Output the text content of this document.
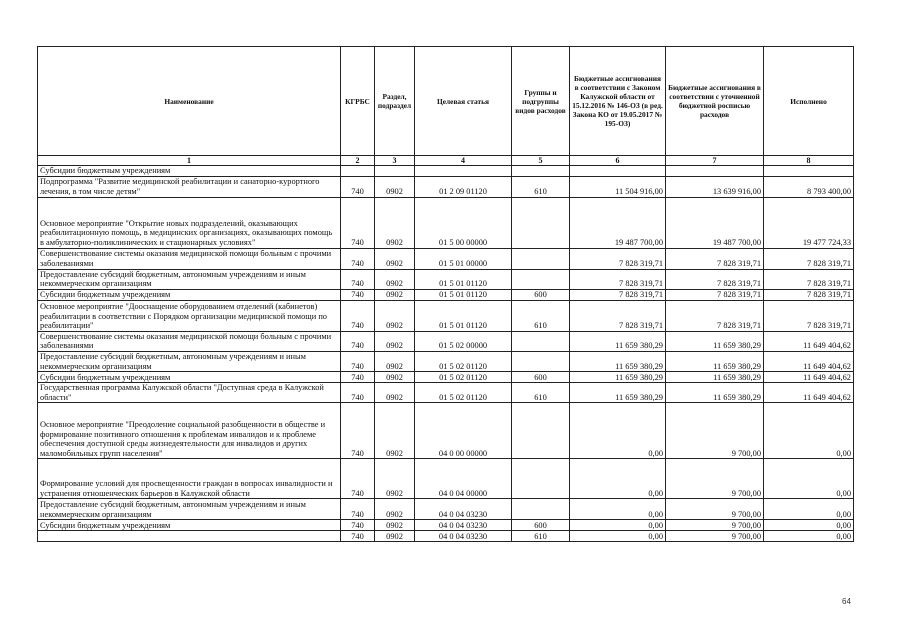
Наименование	КГРБС	Раздел, подраздел	Целевая статья	Группы и подгруппы видов расходов	Бюджетные ассигнования в соответствии с Законом Калужской области от 15.12.2016 № 146-ОЗ (в ред. Закона КО от 19.05.2017 № 195-ОЗ)	Бюджетные ассигнования в соответствии с уточненной бюджетной росписью расходов	Исполнено
1	2	3	4	5	6	7	8
Субсидии бюджетным учреждениям							
Подпрограмма "Развитие медицинской реабилитации и санаторно-курортного лечения, в том числе детям"	740	0902	01 2 09 01120	610	11 504 916,00	13 639 916,00	8 793 400,00
Основное мероприятие "Открытие новых подразделений, оказывающих реабилитационную помощь, в медицинских организациях, оказывающих помощь в амбулаторно-поликлинических и стационарных условиях"	740	0902	01 5 00 00000		19 487 700,00	19 487 700,00	19 477 724,33
Совершенствование системы оказания медицинской помощи больным с прочими заболеваниями	740	0902	01 5 01 00000		7 828 319,71	7 828 319,71	7 828 319,71
Предоставление субсидий бюджетным, автономным учреждениям и иным некоммерческим организациям	740	0902	01 5 01 01120		7 828 319,71	7 828 319,71	7 828 319,71
Субсидии бюджетным учреждениям	740	0902	01 5 01 01120	600	7 828 319,71	7 828 319,71	7 828 319,71
Основное мероприятие "Дооснащение оборудованием отделений (кабинетов) реабилитации в соответствии с Порядком организации медицинской помощи по реабилитации"	740	0902	01 5 01 01120	610	7 828 319,71	7 828 319,71	7 828 319,71
Совершенствование системы оказания медицинской помощи больным с прочими заболеваниями	740	0902	01 5 02 00000		11 659 380,29	11 659 380,29	11 649 404,62
Предоставление субсидий бюджетным, автономным учреждениям и иным некоммерческим организациям	740	0902	01 5 02 01120		11 659 380,29	11 659 380,29	11 649 404,62
Субсидии бюджетным учреждениям	740	0902	01 5 02 01120	600	11 659 380,29	11 659 380,29	11 649 404,62
Государственная программа Калужской области "Доступная среда в Калужской области"	740	0902	01 5 02 01120	610	11 659 380,29	11 659 380,29	11 649 404,62
Основное мероприятие "Преодоление социальной разобщенности в обществе и формирование позитивного отношения к проблемам инвалидов и к проблеме обеспечения доступной среды жизнедеятельности для инвалидов и других маломобильных групп населения"	740	0902	04 0 00 00000		0,00	9 700,00	0,00
Формирование условий для просвещенности граждан в вопросах инвалидности и устранения отношенческих барьеров в Калужской области	740	0902	04 0 04 00000		0,00	9 700,00	0,00
Предоставление субсидий бюджетным, автономным учреждениям и иным некоммерческим организациям	740	0902	04 0 04 03230		0,00	9 700,00	0,00
Субсидии бюджетным учреждениям	740	0902	04 0 04 03230	600	0,00	9 700,00	0,00
	740	0902	04 0 04 03230	610	0,00	9 700,00	0,00
64
